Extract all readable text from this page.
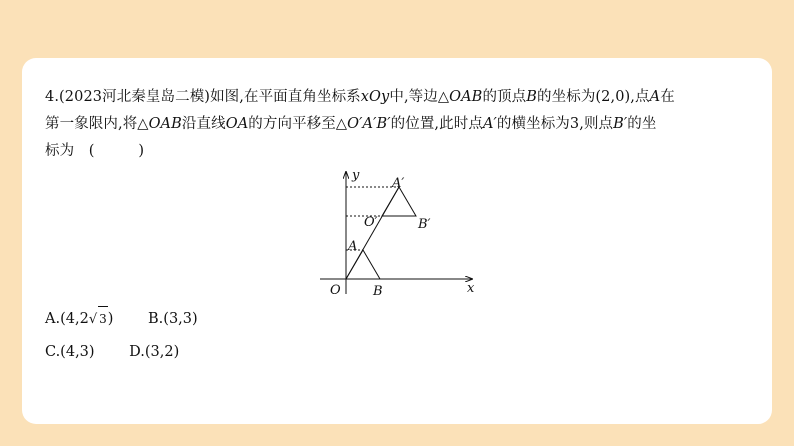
4.(2023河北秦皇岛二模)如图,在平面直角坐标系xOy中,等边△OAB的顶点B的坐标为(2,0),点A在
第一象限内,将△OAB沿直线OA的方向平移至△O′A′B′的位置,此时点A′的横坐标为3,则点B′的坐
标为　(　　　)
y
x
O
A
B
O′
A′
B′
A.(4,2√ 3) B.(3,3)
C.(4,3) D.(3,2)
